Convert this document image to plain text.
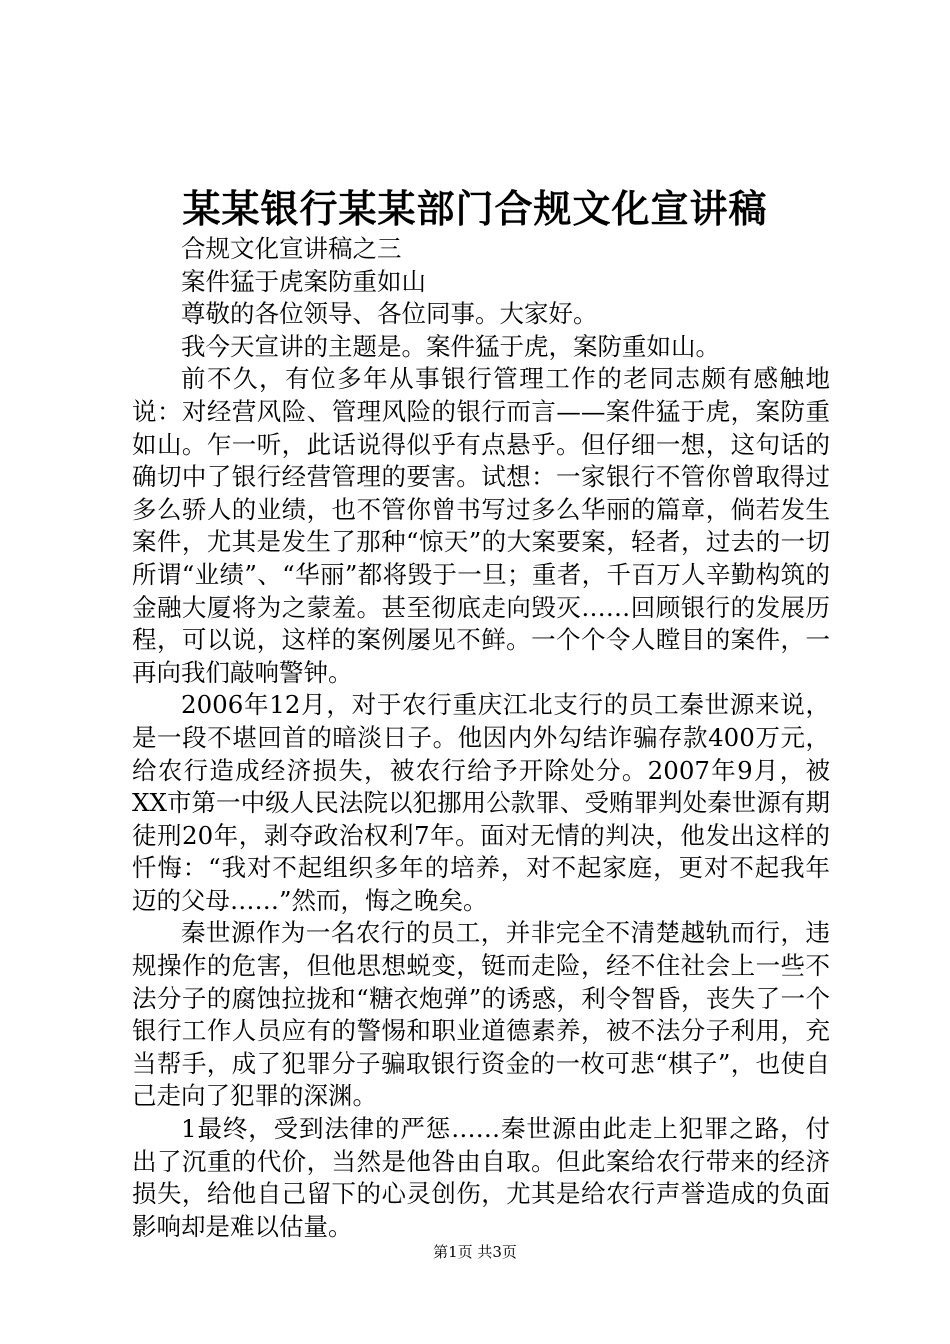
某某银行某某部门合规文化宣讲稿

合规文化宣讲稿之三

案件猛于虎案防重如山

尊敬的各位领导、各位同事。大家好。

我今天宣讲的主题是。案件猛于虎，案防重如山。

前不久，有位多年从事银行管理工作的老同志颇有感触地说：对经营风险、管理风险的银行而言——案件猛于虎，案防重如山。乍一听，此话说得似乎有点悬乎。但仔细一想，这句话的确切中了银行经营管理的要害。试想：一家银行不管你曾取得过多么骄人的业绩，也不管你曾书写过多么华丽的篇章，倘若发生案件，尤其是发生了那种“惊天”的大案要案，轻者，过去的一切所谓“业绩”、“华丽”都将毁于一旦；重者，千百万人辛勤构筑的金融大厦将为之蒙羞。甚至彻底走向毁灭……回顾银行的发展历程，可以说，这样的案例屡见不鲜。一个个令人瞠目的案件，一再向我们敲响警钟。

2006年12月，对于农行重庆江北支行的员工秦世源来说，是一段不堪回首的暗淡日子。他因内外勾结诈骗存款400万元，给农行造成经济损失，被农行给予开除处分。2007年9月，被XX市第一中级人民法院以犯挪用公款罪、受贿罪判处秦世源有期徒刑20年，剥夺政治权利7年。面对无情的判决，他发出这样的忏悔：“我对不起组织多年的培养，对不起家庭，更对不起我年迈的父母……”然而，悔之晚矣。

秦世源作为一名农行的员工，并非完全不清楚越轨而行，违规操作的危害，但他思想蜕变，铤而走险，经不住社会上一些不法分子的腐蚀拉拢和“糖衣炮弹”的诱惑，利令智昏，丧失了一个银行工作人员应有的警惕和职业道德素养，被不法分子利用，充当帮手，成了犯罪分子骗取银行资金的一枚可悲“棋子”，也使自己走向了犯罪的深渊。

1最终，受到法律的严惩……秦世源由此走上犯罪之路，付出了沉重的代价，当然是他咎由自取。但此案给农行带来的经济损失，给他自己留下的心灵创伤，尤其是给农行声誉造成的负面影响却是难以估量。

第1页 共3页
